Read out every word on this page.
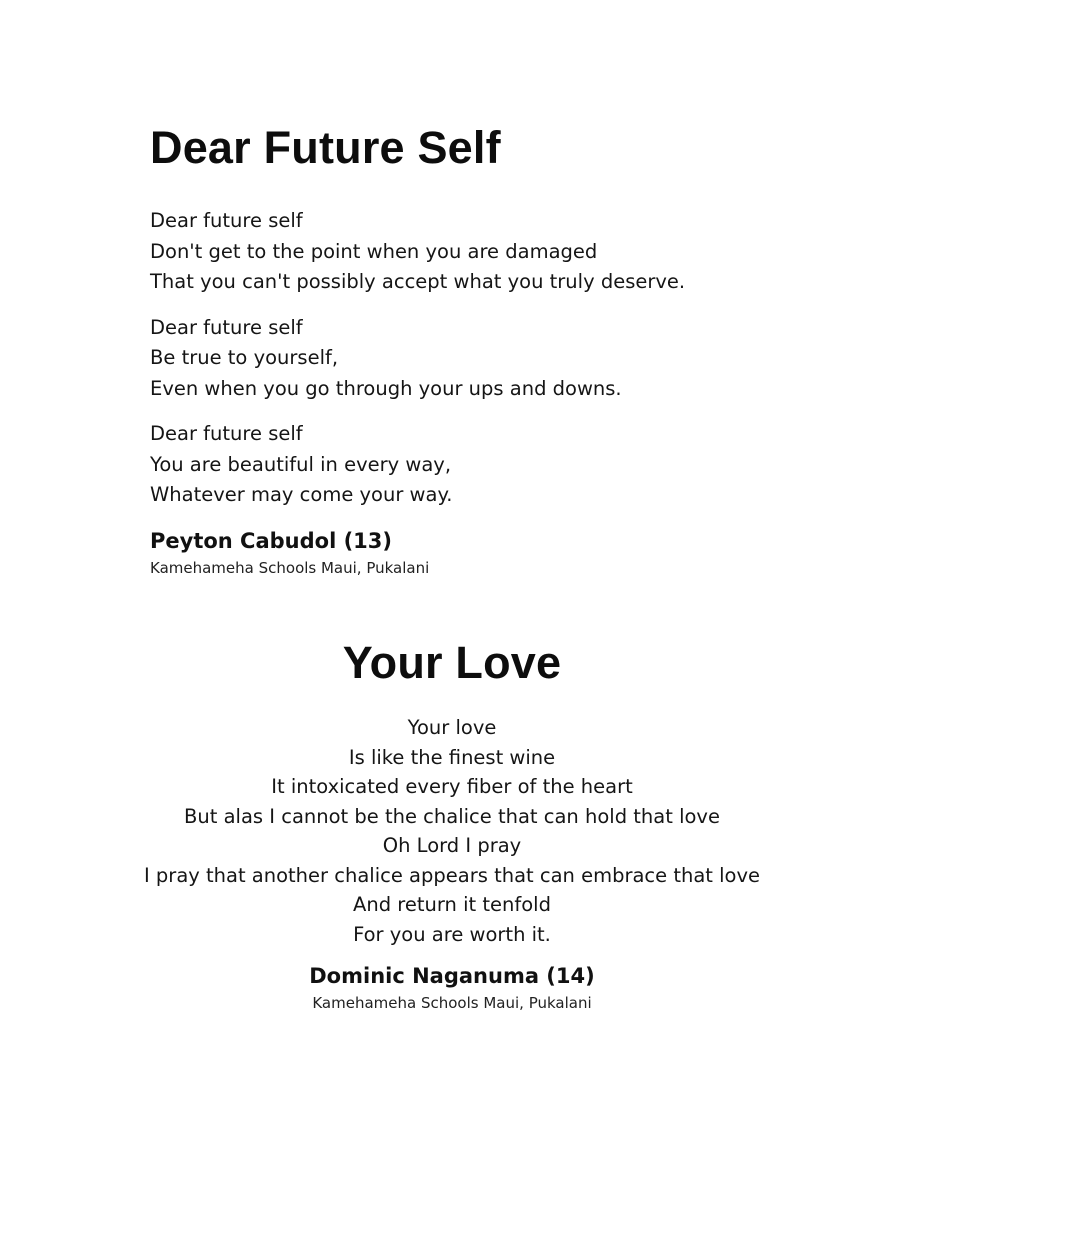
Dear Future Self
Dear future self
Don't get to the point when you are damaged
That you can't possibly accept what you truly deserve.
Dear future self
Be true to yourself,
Even when you go through your ups and downs.
Dear future self
You are beautiful in every way,
Whatever may come your way.
Peyton Cabudol (13)
Kamehameha Schools Maui, Pukalani
Your Love
Your love
Is like the finest wine
It intoxicated every fiber of the heart
But alas I cannot be the chalice that can hold that love
Oh Lord I pray
I pray that another chalice appears that can embrace that love
And return it tenfold
For you are worth it.
Dominic Naganuma (14)
Kamehameha Schools Maui, Pukalani
